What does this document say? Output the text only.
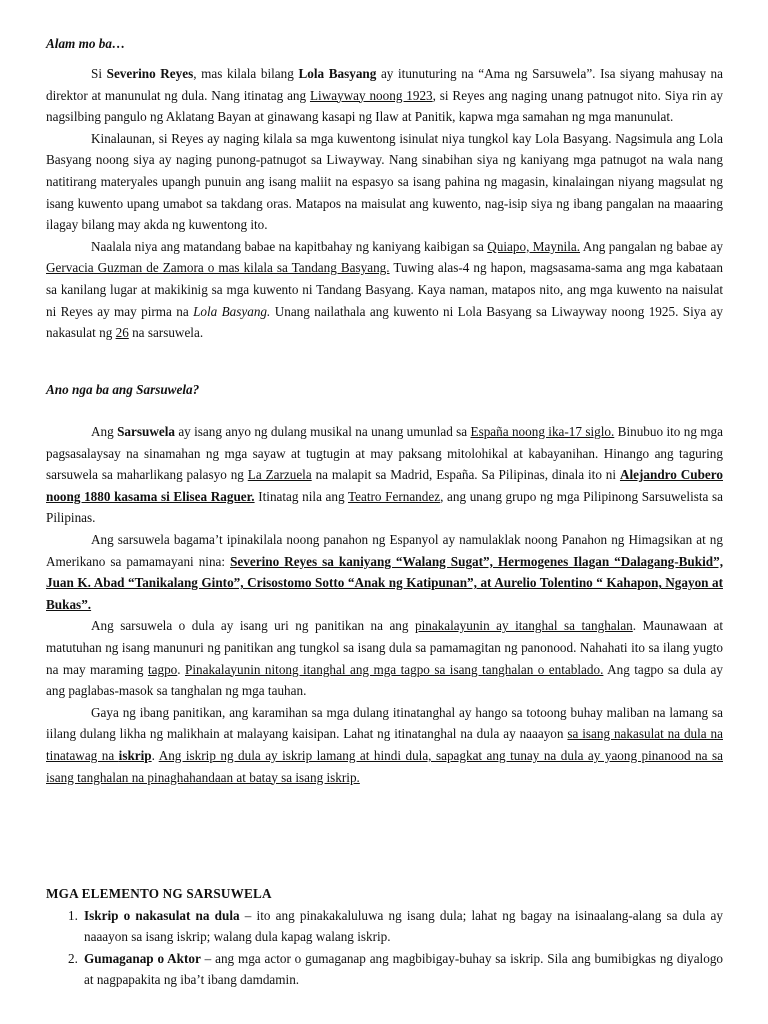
Alam mo ba…

Si Severino Reyes, mas kilala bilang Lola Basyang ay itunuturing na “Ama ng Sarsuwela”. Isa siyang mahusay na direktor at manunulat ng dula. Nang itinatag ang Liwayway noong 1923, si Reyes ang naging unang patnugot nito. Siya rin ay nagsilbing pangulo ng Aklatang Bayan at ginawang kasapi ng Ilaw at Panitik, kapwa mga samahan ng mga manunulat.

Kinalaunan, si Reyes ay naging kilala sa mga kuwentong isinulat niya tungkol kay Lola Basyang. Nagsimula ang Lola Basyang noong siya ay naging punong-patnugot sa Liwayway. Nang sinabihan siya ng kaniyang mga patnugot na wala nang natitirang materyales upangh punuin ang isang maliit na espasyo sa isang pahina ng magasin, kinalaingan niyang magsulat ng isang kuwento upang umabot sa takdang oras. Matapos na maisulat ang kuwento, nag-isip siya ng ibang pangalan na maaaring ilagay bilang may akda ng kuwentong ito.

Naalala niya ang matandang babae na kapitbahay ng kaniyang kaibigan sa Quiapo, Maynila. Ang pangalan ng babae ay Gervacia Guzman de Zamora o mas kilala sa Tandang Basyang. Tuwing alas-4 ng hapon, magsasama-sama ang mga kabataan sa kanilang lugar at makikinig sa mga kuwento ni Tandang Basyang. Kaya naman, matapos nito, ang mga kuwento na naisulat ni Reyes ay may pirma na Lola Basyang. Unang nailathala ang kuwento ni Lola Basyang sa Liwayway noong 1925. Siya ay nakasulat ng 26 na sarsuwela.

Ano nga ba ang Sarsuwela?

Ang Sarsuwela ay isang anyo ng dulang musikal na unang umunlad sa España noong ika-17 siglo. Binubuo ito ng mga pagsasalaysay na sinamahan ng mga sayaw at tugtugin at may paksang mitolohikal at kabayanihan. Hinango ang taguring sarsuwela sa maharlikang palasyo ng La Zarzuela na malapit sa Madrid, España. Sa Pilipinas, dinala ito ni Alejandro Cubero noong 1880 kasama si Elisea Raguer. Itinatag nila ang Teatro Fernandez, ang unang grupo ng mga Pilipinong Sarsuwelista sa Pilipinas.

Ang sarsuwela bagama’t ipinakilala noong panahon ng Espanyol ay namulaklak noong Panahon ng Himagsikan at ng Amerikano sa pamamayani nina: Severino Reyes sa kaniyang “Walang Sugat”, Hermogenes Ilagan “Dalagang-Bukid”, Juan K. Abad “Tanikalang Ginto”, Crisostomo Sotto “Anak ng Katipunan”, at Aurelio Tolentino “ Kahapon, Ngayon at Bukas”.

Ang sarsuwela o dula ay isang uri ng panitikan na ang pinakalayunin ay itanghal sa tanghalan. Maunawaan at matutuhan ng isang manunuri ng panitikan ang tungkol sa isang dula sa pamamagitan ng panonood. Nahahati ito sa ilang yugto na may maraming tagpo. Pinakalayunin nitong itanghal ang mga tagpo sa isang tanghalan o entablado. Ang tagpo sa dula ay ang paglabas-masok sa tanghalan ng mga tauhan.

Gaya ng ibang panitikan, ang karamihan sa mga dulang itinatanghal ay hango sa totoong buhay maliban na lamang sa iilang dulang likha ng malikhain at malayang kaisipan. Lahat ng itinatanghal na dula ay naaayon sa isang nakasulat na dula na tinatawag na iskrip. Ang iskrip ng dula ay iskrip lamang at hindi dula, sapagkat ang tunay na dula ay yaong pinanood na sa isang tanghalan na pinaghahandaan at batay sa isang iskrip.

MGA ELEMENTO NG SARSUWELA
1. Iskrip o nakasulat na dula – ito ang pinakakaluluwa ng isang dula; lahat ng bagay na isinaalang-alang sa dula ay naaayon sa isang iskrip; walang dula kapag walang iskrip.
2. Gumaganap o Aktor – ang mga actor o gumaganap ang magbibigay-buhay sa iskrip. Sila ang bumibigkas ng diyalogo at nagpapakita ng iba’t ibang damdamin.
